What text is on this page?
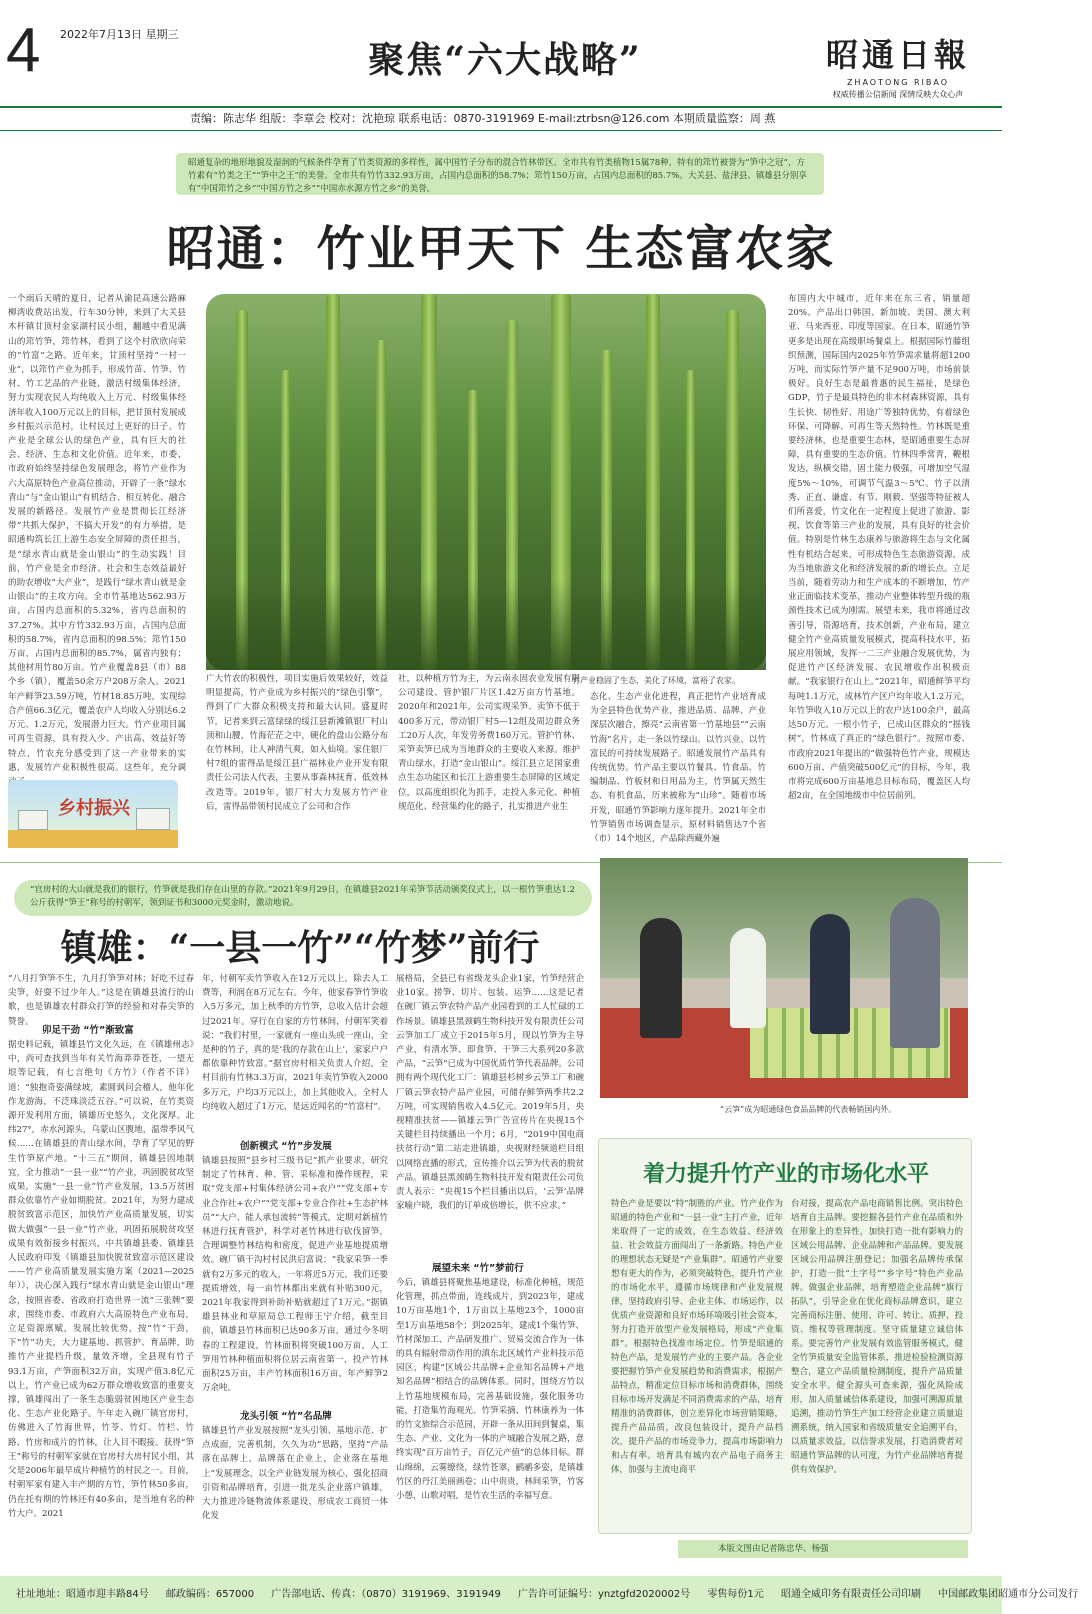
4 2022年7月13日 星期三
聚焦“六大战略”	昭通日報
ZHAOTONG RIBAO
权威传播公信新闻 深情反映大众心声
责编：陈志华 组版：李章会 校对：沈艳琼 联系电话：0870-3191969 E-mail:ztrbsn@126.com 本期质量监察：周 燕
昭通复杂的地形地貌及湿润的气候条件孕育了竹类资源的多样性，属中国竹子分布的混合竹林带区。全市共有竹类植物15属78种，特有的筇竹被誉为“笋中之冠”，方竹素有“竹类之王”“笋中之王”的美誉。全市共有竹竹332.93万亩，占国内总面积的58.7%；筇竹150万亩，占国内总面积的85.7%。大关县、盐津县、镇雄县分别享有“中国筇竹之乡”“中国方竹之乡”“中国赤水源方竹之乡”的美誉。
昭通：竹业甲天下 生态富农家
竹产业稳固了生态，美化了环境，富裕了农家。
一个雨后天晴的夏日，记者从渝昆高速公路麻柳湾收费站出发，行车30分钟，来到了大关县木杆镇甘顶村金家湖村民小组，翻越中看见满山的筇竹笋，筇竹林，看到了这个村欣欣向荣的“竹富”之路。近年来，甘顶村坚持“一村一业”，以筇竹产业为抓手，形成竹苗、竹笋、竹材、竹工艺品的产业链，激活村级集体经济，努力实现农民人均纯收入上万元、村级集体经济年收入100万元以上的目标，把甘顶村发展成乡村振兴示范村，让村民过上更好的日子。竹产业是全球公认的绿色产业，具有巨大的社会、经济、生态和文化价值。近年来，市委、市政府始终坚持绿色发展理念，将竹产业作为六大高原特色产业高位推动，开辟了一条“绿水青山”与“金山银山”有机结合、相互转化、融合发展的新路径。发展竹产业是贯彻长江经济带“共抓大保护，不搞大开发”的有力举措，是昭通构筑长江上游生态安全屏障的责任担当，是“绿水青山就是金山银山”的生动实践！目前，竹产业是全市经济、社会和生态效益最好的助农增收“大产业”，是践行“绿水青山就是金山银山”的主攻方向。全市竹基地达562.93万亩，占国内总面积的5.32%，省内总面积的37.27%。其中方竹332.93万亩，占国内总面积的58.7%，省内总面积的98.5%；筇竹150万亩，占国内总面积的85.7%，属省内独有；其他材用竹80万亩。竹产业覆盖8县（市）88个乡（镇），覆盖50余万户208万余人。2021年产鲜笋23.59万吨，竹材18.85万吨，实现综合产值66.3亿元，覆盖农户人均收入分别达6.2万元、1.2万元，发展潜力巨大。竹产业项目属可再生资源，具有投入少、产出高、效益好等特点，竹农充分感受到了这一产业带来的实惠，发展竹产业积极性很高。这些年，充分调
广大竹农的积极性，项目实施后效果较好，效益明显提高，竹产业成为乡村振兴的“绿色引擎”，得到了广大群众积极支持和最大认同。盛夏时节，记者来到云富绿绿的绥江县新滩镇银厂村山顶和山腰，竹海茫茫之中，硬化的盘山公路分布在竹林间，让人神清气爽，如入仙境。家住银厂村7组的雷得品是绥江县广福林业产业开发有限责任公司法人代表，主要从事森林抚育、低效林改造等。2019年，银厂村大力发展方竹产业后，雷得品带领村民成立了公司和合作
社，以种植方竹为主，为云南永固农业发展有限公司建设、管护银厂片区1.42万亩方竹基地。2020年和2021年，公司实现采笋、卖笋不低于400多万元，带动银厂村5—12组及周边群众务工20万人次，年发劳务费160万元。管护竹林、采笋卖笋已成为当地群众的主要收入来源。维护青山绿水，打造“金山银山”。绥江县立足国家重点生态功能区和长江上游重要生态屏障的区域定位，以高度组织化为抓手，走投入多元化、种植规范化、经营集约化的路子，扎实推进产业生
态化、生态产业化进程，真正把竹产业培育成为全县特色优势产业，推进品质、品牌、产业深层次融合，擦亮“云南省第一竹基地县”“云南竹海”名片，走一条以竹绿山、以竹兴业、以竹富民的可持续发展路子。昭通发展竹产品具有传统优势。竹产品主要以竹餐具、竹食品、竹编制品、竹板材和日用品为主，竹笋属天然生态、有机食品，历来被称为“山珍”。随着市场开发，昭通竹笋影响力逐年提升。2021年全市竹笋销售市场调查显示，原材料销售达7个省（市）14个地区，产品除西藏外遍
布国内大中城市，近年来在东三省，销量超20%。产品出口韩国、新加坡、美国、澳大利亚、马来西亚、印度等国家。在日本，昭通竹笋更多是出现在高级职场餐桌上。根据国际竹藤组织预测，国际国内2025年竹笋需求量将超1200万吨，而实际竹笋产量不足900万吨，市场前景极好。良好生态是最普惠的民生福祉，是绿色GDP，竹子是最具特色的非木材森林资源，具有生长快、韧性好、用途广等独特优势，有着绿色环保、可降解、可再生等天然特性。竹林既是重要经济林，也是重要生态林，是昭通重要生态屏障，具有重要的生态价值。竹林四季常青，鞭根发达，纵横交错，固土能力极强，可增加空气湿度5%～10%，可调节气温3～5℃。竹子以清秀、正直、谦虚、有节、刚毅、坚强等特征被人们所喜爱，竹文化在一定程度上促进了旅游、影视、饮食等第三产业的发展，具有良好的社会价值。特别是竹林生态康养与旅游将生态与文化属性有机结合起来，可形成特色生态旅游资源，成为当地旅游文化和经济发展的新的增长点。立足当前，随着劳动力和生产成本的不断增加，竹产业正面临技术变革，推动产业整体转型升级的瓶颈性技术已成为刚需。展望未来，我市将通过改善引导，资源培育，技术创新，产业布局，建立健全竹产业高质量发展模式，提高科技水平，拓展应用领域，发挥一二三产业融合发展优势，为促进竹产区经济发展、农民增收作出积极贡献。“我家银行在山上。”2021年，昭通鲜笋平均每吨1.1万元，成林竹产区户均年收入1.2万元，年竹笋收入10万元以上的农户达100余户，最高达50万元。一根小竹子，已成山区群众的“摇钱树”，竹林成了真正的“绿色银行”。按照市委、市政府2021年提出的“做强特色竹产业，规模达600万亩、产值突破500亿元”的目标，今年，我市将完成600万亩基地总目标布局，覆盖区人均超2亩，在全国地级市中位居前列。
乡村振兴
“官房村的大山就是我们的银行，竹笋就是我们存在山里的存款。”2021年9月29日，在镇雄县2021年采笋节活动颁奖仪式上，以一根竹笋重达1.2公斤获得“笋王”称号的村朝军，领到证书和3000元奖金时，激动地说。
镇雄：“一县一竹”“竹梦”前行
“云笋”成为昭通绿色食品品牌的代表畅销国内外。
“八月打笋笋不生，九月打笋笋对林；好吃不过春尖笋，好耍不过少年人。”这是在镇雄县流行的山歌，也是镇雄农村群众打笋的经验和对春尖笋的赞誉。
卯足干劲 “竹”渐致富
据史料记载，镇雄县竹文化久远，在《镇雄州志》中，尚可查找到当年有关竹海莽莽苍苍，一望无垠等记载，有七言绝句《方竹》（作者不详）道：“独抱奇姿满绿坡，素圆讽问会稽人，他年化作龙游海，不泛珠淡泛五谷。”可以说，在竹类资源开发利用方面，镇雄历史悠久，文化深厚。北纬27°，赤水河源头，乌蒙山区腹地，温带季风气候……在镇雄县的青山绿水间，孕育了罕见的野生竹笋原产地。“十三五”期间，镇雄县因地制宜，全力推动“一县一业”“竹产业，巩固脱贫攻坚成果，实施“一县一业”竹产业发展，13.5万贫困群众依靠竹产业如期脱贫。2021年，为努力建成脱贫致富示范区，加快竹产业高质量发展，切实做大做强“一县一业”竹产业，巩固拓展脱贫攻坚成果有效衔接乡村振兴，中共镇雄县委、镇雄县人民政府印发《镇雄县加快脱贫致富示范区建设——竹产业高质量发展实施方案（2021—2025年）》，决心深入践行“绿水青山就是金山银山”理念，按照省委、省政府打造世界一流“三张牌”要求，围绕市委、市政府六大高原特色产业布局，立足资源禀赋，发展比较优势，按“竹”干劲，下“竹”功夫，大力建基地、抓管护、育品牌，助推竹产业提档升级，量效齐增，全县现有竹子93.1万亩，产笋面积32万亩，实现产值3.8亿元以上，竹产业已成为62万群众增收致富的重要支撑，镇雄闯出了一条生态脆弱贫困地区产业生态化、生态产业化路子。午年走入碗厂镇官房村，仿佛进入了竹海世界，竹苓、竹灯、竹栏、竹路、竹房和成片的竹林，让人目不暇接。获得“笋王”称号的村朝军家就在官房村大房村民小组，其父是2006年最早成片种植竹的村民之一。目前，村朝军家有建入丰产期的方竹，笋竹林50多亩，仍在托有期的竹林还有40多亩，是当地有名的种竹大户。2021
年，付朝军卖竹笋收入在12万元以上，除去人工费等，利润在8万元左右。今年，他家春笋竹笋收入5万多元，加上秋季的方竹笋，总收入估计会超过2021年。穿行在自家的方竹林间，付朝军笑着说：“我们村里，一家就有一座山头或一座山，全是种的竹子，真的是‘我的存款在山上’，家家户户都依靠种竹致富。”据官房村相关负责人介绍，全村目前有竹林3.3万亩，2021年卖竹笋收入2000多万元，户均3万元以上，加上其他收入，全村人均纯收入超过了1万元，是远近闻名的“竹富村”。
创新模式 “竹”步发展
镇雄县按照“县乡村三级书记”抓产业要求，研究制定了竹林育、种、管、采标准和操作规程，采取“党支部+村集体经济公司+农户”“党支部+专业合作社+农户”“党支部+专业合作社+生态护林员”“大户、能人承包流转”等模式，定期对新植竹林进行抚育管护，科学对老竹林进行砍伐留笋，合理调整竹林结构和密度，促进产业基地提质增效。碗厂镇干沟村村民洪启富说：“我家采笋一季就有2万多元的收入，一年将近5万元，我们还要提质增效，每一亩竹林都出来就有补贴300元，2021年我家得到补助补贴就超过了1万元。”据镇雄县林业和草原局总工程师王宁介绍，截至目前，镇雄县竹林面积已达90多万亩，通过今冬明春的工程建设，竹林面积将突破100万亩，人工笋用竹林种植面积将位居云南省第一，投产竹林面积25万亩，丰产竹林面积16万亩，年产鲜笋2万余吨。
龙头引领 “竹”名品牌
镇雄县竹产业发展按照“龙头引领、基地示范、扩点成面，完善机制，久久为功”思路，坚持“产品落在品牌上，品牌落在企业上，企业落在基地上”发展理念，以全产业链发展为核心，强化招商引资和品牌培育，引进一批龙头企业落户镇雄，大力推进冷链物流体系建设，形成农工商贸一体化发
展格局，全县已有省级龙头企业1家，竹笋经营企业10家。捞笋、切片、包装、运笋……这是记者在碗厂镇云笋农特产品产业园看到的工人忙碌的工作场景。镇雄县黑颈鹤生物科技开发有限责任公司云笋加工厂成立于2015年5月，现以竹笋为主导产业，有清水笋、即食笋、干笋三大系列20多款产品，“云笋”已成为中国优质竹笋代表品牌。公司拥有两个现代化工厂：镇雄县杉树乡云笋工厂和碗厂镇云笋农特产品产业园，可储存鲜笋两季共2.2万吨，可实现销售收入4.5亿元。2019年5月，央视精准扶贫——镇雄云笋广告宣传片在央视15个关键栏目持续播出一个月；6月，“2019中国电商扶贫行动”第二站走进镇雄，央视财经频道栏目组以网络直播的形式，宣传推介以云笋为代表的脱贫产品。镇雄县黑颈鹤生物科技开发有限责任公司负责人表示：“央视15个栏目播出以后，‘云笋’品牌家喻户晓，我们的订单成倍增长，供不应求。”
展望未来 “竹”梦前行
今后，镇雄县将聚焦基地建设，标准化种植，规范化管理，抓点带面，连线成片，到2023年，建成10万亩基地1个，1万亩以上基地23个，1000亩至1万亩基地58个；到2025年，建成1个集竹笋、竹材深加工、产品研发推广、贸易交流合作为一体的具有辐射带动作用的滇东北区域竹产业科技示范园区，构建“区域公共品牌+企业知名品牌+产地知名品牌”相结合的品牌体系。同时，围绕方竹以上竹基地规模布局，完善基础设施，强化服务功能，打造集竹海观光、竹笋采摘、竹林康养为一体的竹文旅综合示范园，开辟一条从田间到餐桌，集生态、产业、文化为一体的产城融合发展之路，意终实现“百万亩竹子，百亿元产值”的总体目标。群山绵绵，云雾缭绕，绿竹苍翠，鹂鹂多姿，是镇雄竹区的丹江美丽画卷；山中贵贵，林间采笋，竹客小憩，山歌对唱，是竹农生活的幸福写意。
着力提升竹产业的市场化水平
特色产业是要以“特”制胜的产业。竹产业作为昭通的特色产业和“一县一业”主打产业，近年来取得了一定的成效，在生态效益、经济效益、社会效益方面闯出了一条新路。特色产业的理想状态无疑是“产业集群”。昭通竹产业要想有更大的作为，必须突破特色，提升竹产业的市场化水平，遵循市场规律和产业发展规律，坚持政府引导、企业主体、市场运作，以优质产业资源和良好市场环境吸引社会资本，努力打造开放型产业发展格局，形成“产业集群”。根据特色找准市场定位。竹笋是昭通的特色产品，是发展竹产业的主要产品。各企业要把握竹笋产业发展趋势和消费需求，根据产品特点，精准定位目标市场和消费群体，围绕目标市场开发满足不同消费需求的产品，培育精准的消费群体，创立差异化市场营销策略，提升产品品质，改良包装设计，提升产品档次，提升产品的市场竞争力，提高市场影响力和占有率。培育具有城内农产品电子商务主体，加强与主流电商平
台对接，提高农产品电商销售比例。突出特色培育自主品牌。要挖掘各县竹产业在品质和外在形象上的差异性，加快打造一批有影响力的区域公用品牌、企业品牌和产品品牌。要发展区域公用品牌注册登记；加强名品牌传承保护，打造一批“土字号”“乡字号”特色产业品牌。做强企业品牌，培育塑造企业品牌“旗行拓队”，引导企业在优化商标品牌意识，建立完善商标注册、使用、许可、转让、质押、投资、维权等管理制度。坚守质量建立诚信体系。要完善竹产业发展有效监管服务模式，健全竹笋质量安全监管体系，推进检验检测资源整合，建立产品质量检测制度，提升产品质量安全水平。健全源头可查来源，强化风险成形，加入质量诚信体系建设，加强可溯源质量追溯，推动竹笋生产加工经营企业建立质量追溯系统，纳入国家和省级质量安全追溯平台，以质量求效益，以信誉求发展，打造消费者对昭通竹笋品牌的认可度，为竹产业品牌培育提供有效保护。
本版文图由记者陈忠华、杨强
社址地址：昭通市迎丰路84号 邮政编码：657000 广告部电话、传真：（0870）3191969、3191949 广告许可证编号：ynztgfd2020002号 零售每份1元 昭通全威印务有限责任公司印刷 中国邮政集团昭通市分公司发行
